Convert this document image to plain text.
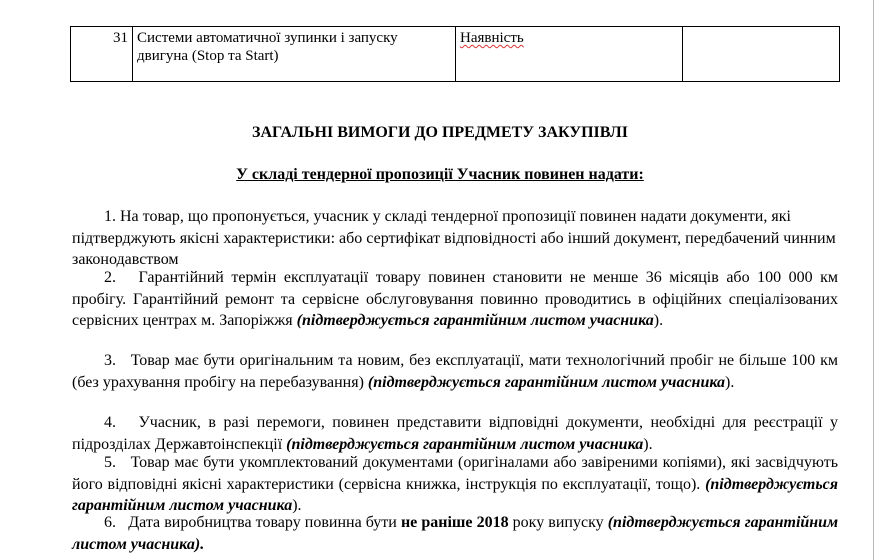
31	Системи автоматичної зупинки і запуску двигуна (Stop та Start)	Наявність	
ЗАГАЛЬНІ ВИМОГИ ДО ПРЕДМЕТУ ЗАКУПІВЛІ
У складі тендерної пропозиції Учасник повинен надати:
1. На товар, що пропонується, учасник у складі тендерної пропозиції повинен надати документи, які підтверджують якісні характеристики: або сертифікат відповідності або інший документ, передбачений чинним законодавством
2. Гарантійний термін експлуатації товару повинен становити не менше 36 місяців або 100 000 км пробігу. Гарантійний ремонт та сервісне обслуговування повинно проводитись в офіційних спеціалізованих сервісних центрах м. Запоріжжя (підтверджується гарантійним листом учасника).
3. Товар має бути оригінальним та новим, без експлуатації, мати технологічний пробіг не більше 100 км (без урахування пробігу на перебазування) (підтверджується гарантійним листом учасника).
4. Учасник, в разі перемоги, повинен представити відповідні документи, необхідні для реєстрації у підрозділах Державтоінспекції (підтверджується гарантійним листом учасника).
5. Товар має бути укомплектований документами (оригіналами або завіреними копіями), які засвідчують його відповідні якісні характеристики (сервісна книжка, інструкція по експлуатації, тощо). (підтверджується гарантійним листом учасника).
6. Дата виробництва товару повинна бути не раніше 2018 року випуску (підтверджується гарантійним листом учасника).
